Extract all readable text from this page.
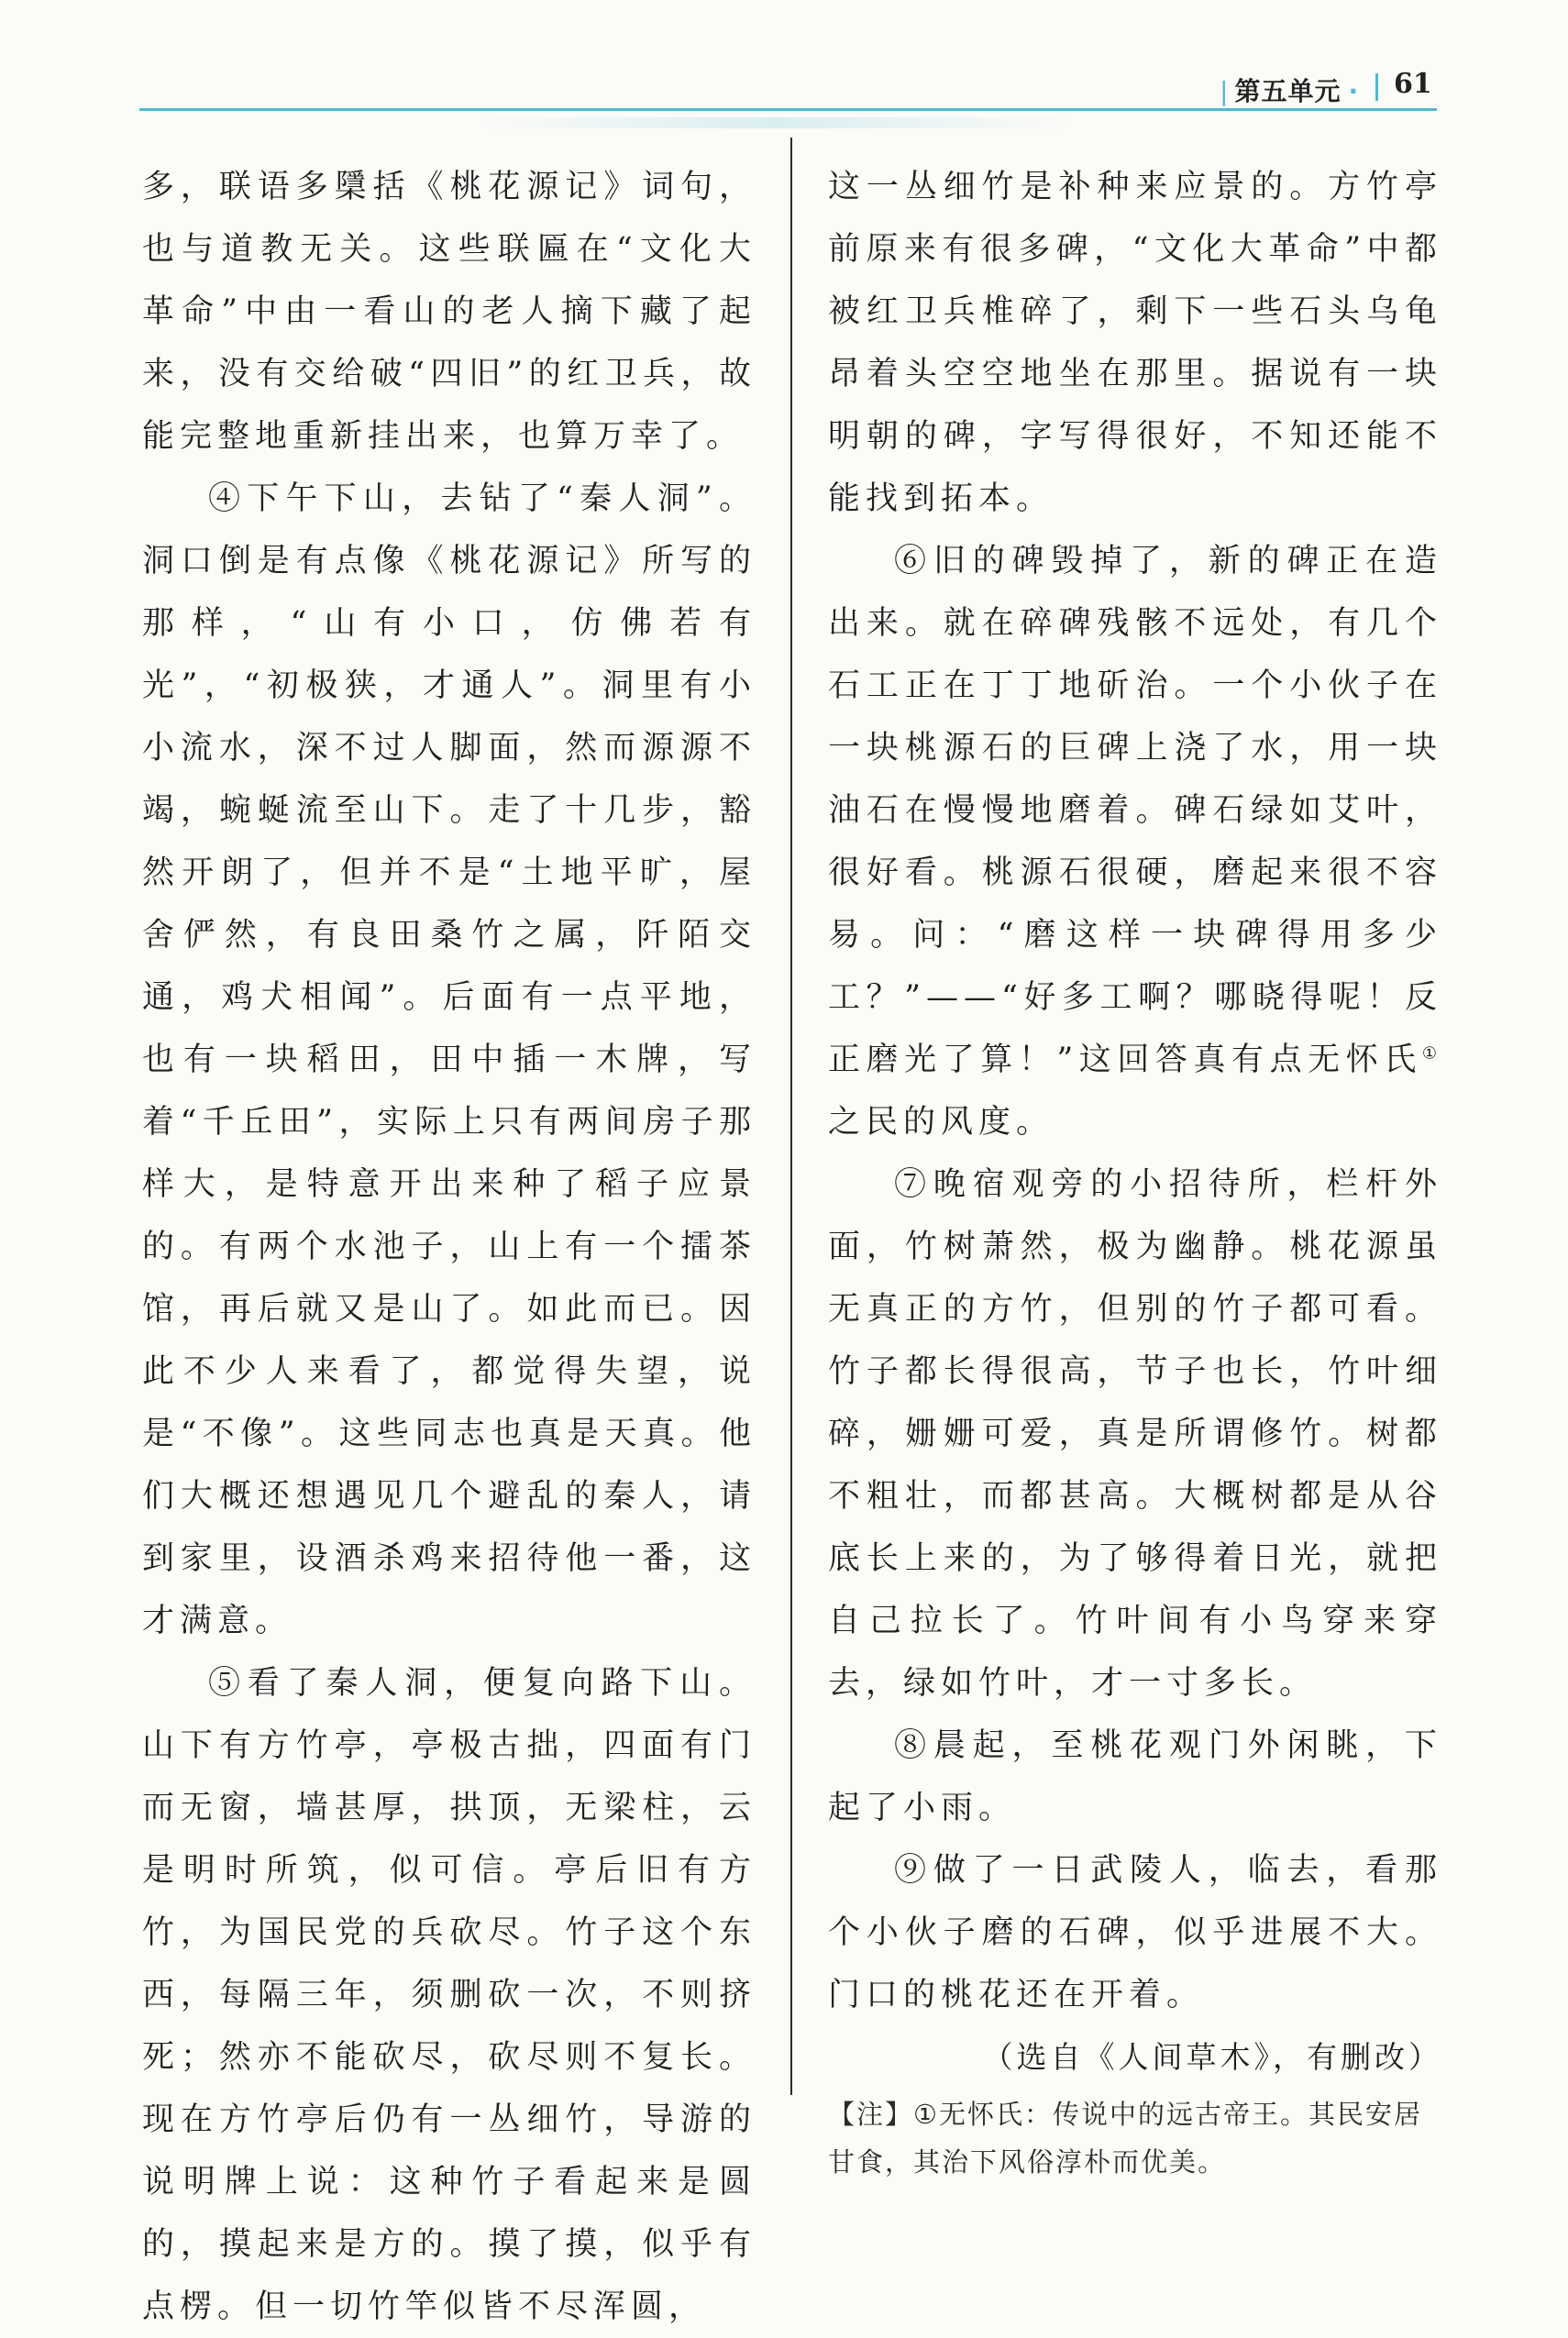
| 第五单元 · 61

多，联语多檃括《桃花源记》词句，也与道教无关。这些联匾在“文化大革命”中由一看山的老人摘下藏了起来，没有交给破“四旧”的红卫兵，故能完整地重新挂出来，也算万幸了。

④下午下山，去钻了“秦人洞”。洞口倒是有点像《桃花源记》所写的那样，“山有小口，仿佛若有光”，“初极狭，才通人”。洞里有小小流水，深不过人脚面，然而源源不竭，蜿蜒流至山下。走了十几步，豁然开朗了，但并不是“土地平旷，屋舍俨然，有良田桑竹之属，阡陌交通，鸡犬相闻”。后面有一点平地，也有一块稻田，田中插一木牌，写着“千丘田”，实际上只有两间房子那样大，是特意开出来种了稻子应景的。有两个水池子，山上有一个擂茶馆，再后就又是山了。如此而已。因此不少人来看了，都觉得失望，说是“不像”。这些同志也真是天真。他们大概还想遇见几个避乱的秦人，请到家里，设酒杀鸡来招待他一番，这才满意。

⑤看了秦人洞，便复向路下山。山下有方竹亭，亭极古拙，四面有门而无窗，墙甚厚，拱顶，无梁柱，云是明时所筑，似可信。亭后旧有方竹，为国民党的兵砍尽。竹子这个东西，每隔三年，须删砍一次，不则挤死；然亦不能砍尽，砍尽则不复长。现在方竹亭后仍有一丛细竹，导游的说明牌上说：这种竹子看起来是圆的，摸起来是方的。摸了摸，似乎有点楞。但一切竹竿似皆不尽浑圆，

这一丛细竹是补种来应景的。方竹亭前原来有很多碑，“文化大革命”中都被红卫兵椎碎了，剩下一些石头乌龟昂着头空空地坐在那里。据说有一块明朝的碑，字写得很好，不知还能不能找到拓本。

⑥旧的碑毁掉了，新的碑正在造出来。就在碎碑残骸不远处，有几个石工正在丁丁地斫治。一个小伙子在一块桃源石的巨碑上浇了水，用一块油石在慢慢地磨着。碑石绿如艾叶，很好看。桃源石很硬，磨起来很不容易。问：“磨这样一块碑得用多少工？”——“好多工啊？哪晓得呢！反正磨光了算！”这回答真有点无怀氏①之民的风度。

⑦晚宿观旁的小招待所，栏杆外面，竹树萧然，极为幽静。桃花源虽无真正的方竹，但别的竹子都可看。竹子都长得很高，节子也长，竹叶细碎，姗姗可爱，真是所谓修竹。树都不粗壮，而都甚高。大概树都是从谷底长上来的，为了够得着日光，就把自己拉长了。竹叶间有小鸟穿来穿去，绿如竹叶，才一寸多长。

⑧晨起，至桃花观门外闲眺，下起了小雨。

⑨做了一日武陵人，临去，看那个小伙子磨的石碑，似乎进展不大。门口的桃花还在开着。

（选自《人间草木》，有删改）

【注】①无怀氏：传说中的远古帝王。其民安居甘食，其治下风俗淳朴而优美。
